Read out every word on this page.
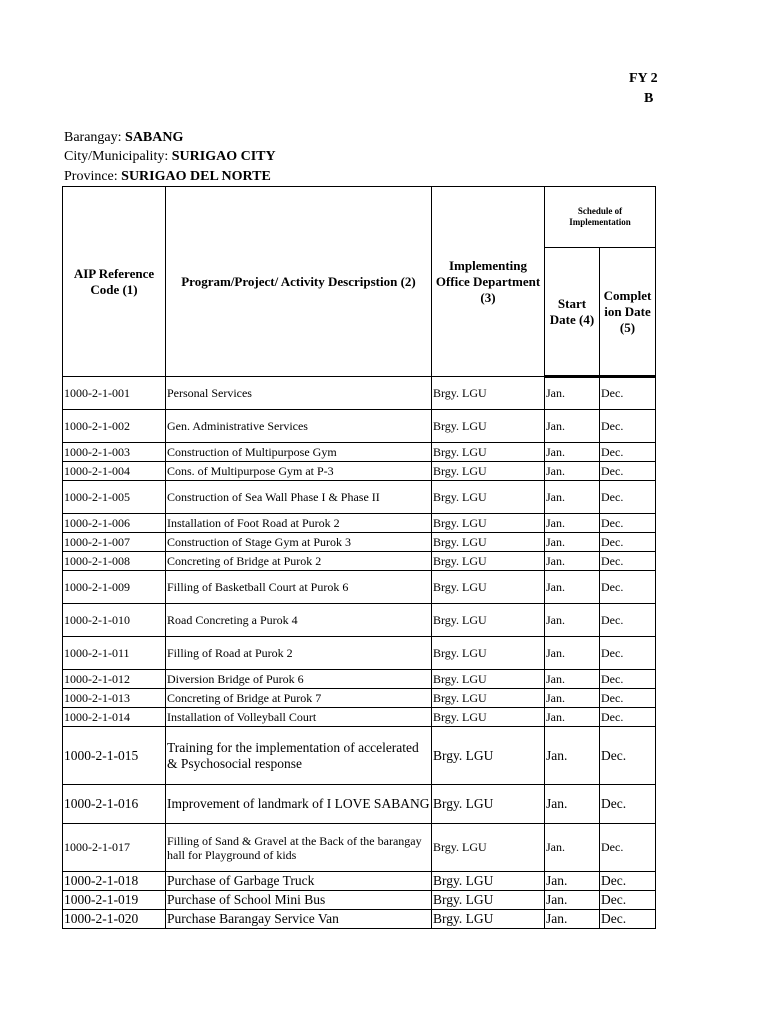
FY 2
B
Barangay: SABANG
City/Municipality: SURIGAO CITY
Province: SURIGAO DEL NORTE
AIP Reference Code (1)	Program/Project/ Activity Descripstion (2)	Implementing Office Department (3)	Schedule of Implementation	
			Start Date (4)	Complet ion Date (5)
1000-2-1-001	Personal Services	Brgy. LGU	Jan.	Dec.
1000-2-1-002	Gen. Administrative Services	Brgy. LGU	Jan.	Dec.
1000-2-1-003	Construction of Multipurpose Gym	Brgy. LGU	Jan.	Dec.
1000-2-1-004	Cons. of Multipurpose Gym at P-3	Brgy. LGU	Jan.	Dec.
1000-2-1-005	Construction of Sea Wall Phase I & Phase II	Brgy. LGU	Jan.	Dec.
1000-2-1-006	Installation of Foot Road at Purok 2	Brgy. LGU	Jan.	Dec.
1000-2-1-007	Construction of Stage Gym at Purok 3	Brgy. LGU	Jan.	Dec.
1000-2-1-008	Concreting of Bridge at Purok 2	Brgy. LGU	Jan.	Dec.
1000-2-1-009	Filling of Basketball Court at Purok 6	Brgy. LGU	Jan.	Dec.
1000-2-1-010	Road Concreting a Purok 4	Brgy. LGU	Jan.	Dec.
1000-2-1-011	Filling of Road at Purok 2	Brgy. LGU	Jan.	Dec.
1000-2-1-012	Diversion Bridge of Purok 6	Brgy. LGU	Jan.	Dec.
1000-2-1-013	Concreting of Bridge at Purok 7	Brgy. LGU	Jan.	Dec.
1000-2-1-014	Installation of Volleyball Court	Brgy. LGU	Jan.	Dec.
1000-2-1-015	Training for the implementation of accelerated & Psychosocial response	Brgy. LGU	Jan.	Dec.
1000-2-1-016	Improvement of landmark of I LOVE SABANG	Brgy. LGU	Jan.	Dec.
1000-2-1-017	Filling of Sand & Gravel at the Back of the barangay hall for Playground of kids	Brgy. LGU	Jan.	Dec.
1000-2-1-018	Purchase of Garbage Truck	Brgy. LGU	Jan.	Dec.
1000-2-1-019	Purchase of School Mini Bus	Brgy. LGU	Jan.	Dec.
1000-2-1-020	Purchase Barangay Service Van	Brgy. LGU	Jan.	Dec.
